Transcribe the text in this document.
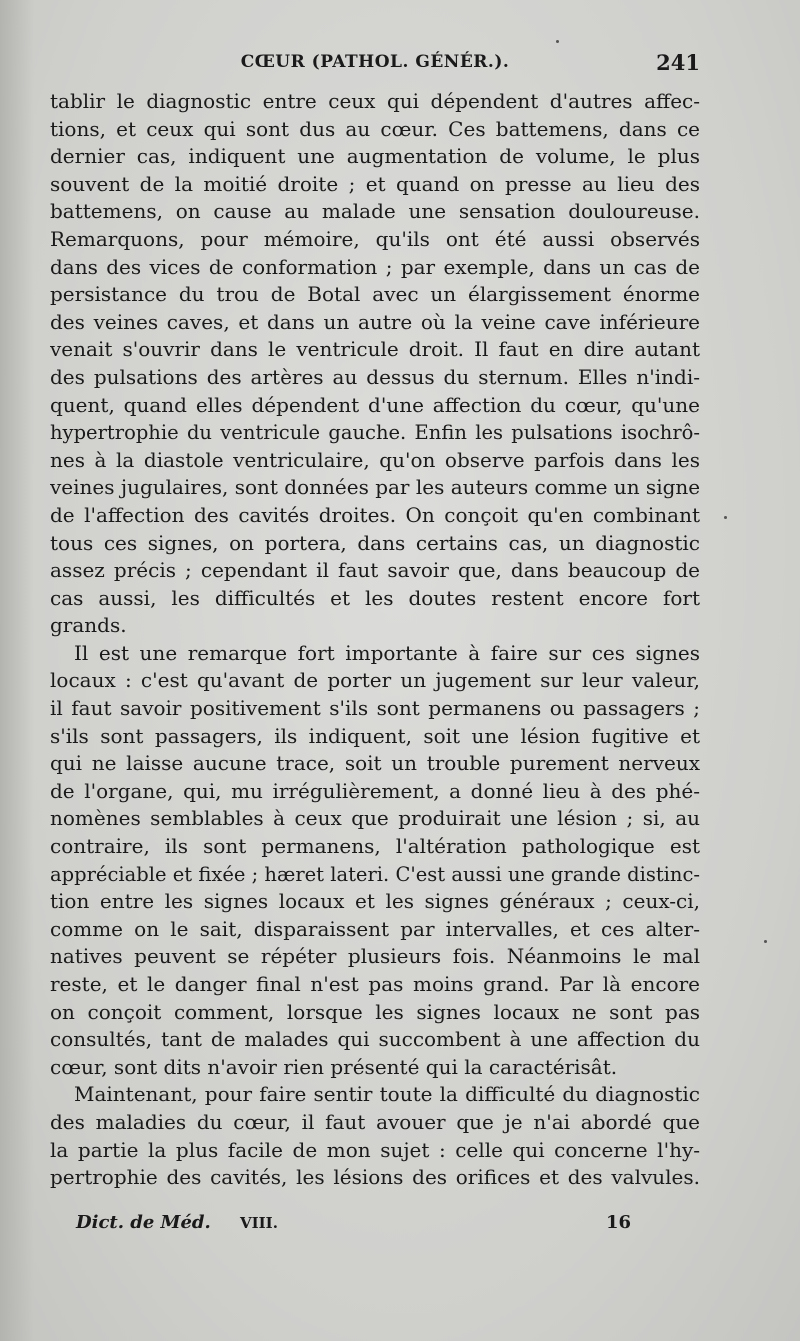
CŒUR (PATHOL. GÉNÉR.).	241
tablir le diagnostic entre ceux qui dépendent d'autres affec-
tions, et ceux qui sont dus au cœur. Ces battemens, dans ce
dernier cas, indiquent une augmentation de volume, le plus
souvent de la moitié droite ; et quand on presse au lieu des
battemens, on cause au malade une sensation douloureuse.
Remarquons, pour mémoire, qu'ils ont été aussi observés
dans des vices de conformation ; par exemple, dans un cas de
persistance du trou de Botal avec un élargissement énorme
des veines caves, et dans un autre où la veine cave inférieure
venait s'ouvrir dans le ventricule droit. Il faut en dire autant
des pulsations des artères au dessus du sternum. Elles n'indi-
quent, quand elles dépendent d'une affection du cœur, qu'une
hypertrophie du ventricule gauche. Enfin les pulsations isochrô-
nes à la diastole ventriculaire, qu'on observe parfois dans les
veines jugulaires, sont données par les auteurs comme un signe
de l'affection des cavités droites. On conçoit qu'en combinant
tous ces signes, on portera, dans certains cas, un diagnostic
assez précis ; cependant il faut savoir que, dans beaucoup de
cas aussi, les difficultés et les doutes restent encore fort
grands.
Il est une remarque fort importante à faire sur ces signes
locaux : c'est qu'avant de porter un jugement sur leur valeur,
il faut savoir positivement s'ils sont permanens ou passagers ;
s'ils sont passagers, ils indiquent, soit une lésion fugitive et
qui ne laisse aucune trace, soit un trouble purement nerveux
de l'organe, qui, mu irrégulièrement, a donné lieu à des phé-
nomènes semblables à ceux que produirait une lésion ; si, au
contraire, ils sont permanens, l'altération pathologique est
appréciable et fixée ; hæret lateri. C'est aussi une grande distinc-
tion entre les signes locaux et les signes généraux ; ceux-ci,
comme on le sait, disparaissent par intervalles, et ces alter-
natives peuvent se répéter plusieurs fois. Néanmoins le mal
reste, et le danger final n'est pas moins grand. Par là encore
on conçoit comment, lorsque les signes locaux ne sont pas
consultés, tant de malades qui succombent à une affection du
cœur, sont dits n'avoir rien présenté qui la caractérisât.
Maintenant, pour faire sentir toute la difficulté du diagnostic
des maladies du cœur, il faut avouer que je n'ai abordé que
la partie la plus facile de mon sujet : celle qui concerne l'hy-
pertrophie des cavités, les lésions des orifices et des valvules.
Dict. de Méd. VIII.	16
